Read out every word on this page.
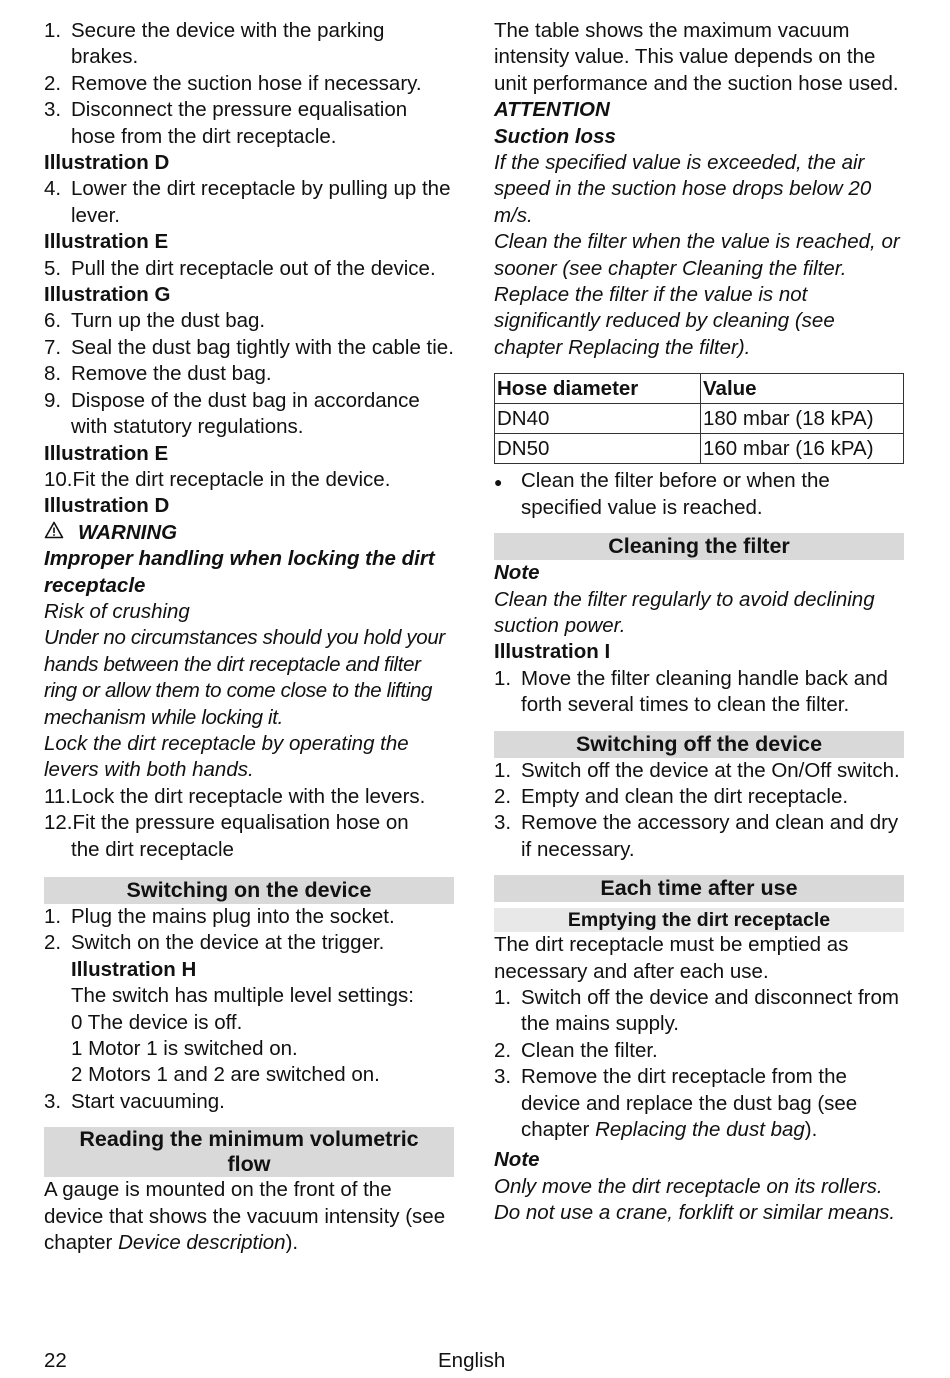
1. Secure the device with the parking brakes.
2. Remove the suction hose if necessary.
3. Disconnect the pressure equalisation hose from the dirt receptacle.

Illustration D

4. Lower the dirt receptacle by pulling up the lever.

Illustration E

5. Pull the dirt receptacle out of the device.

Illustration G

6. Turn up the dust bag.
7. Seal the dust bag tightly with the cable tie.
8. Remove the dust bag.
9. Dispose of the dust bag in accordance with statutory regulations.

Illustration E

10.Fit the dirt receptacle in the device.

Illustration D

WARNING

Improper handling when locking the dirt receptacle

Risk of crushing

Under no circumstances should you hold your hands between the dirt receptacle and filter ring or allow them to come close to the lifting mechanism while locking it.

Lock the dirt receptacle by operating the levers with both hands.

11.Lock the dirt receptacle with the levers.

12.Fit the pressure equalisation hose on

the dirt receptacle

Switching on the device
1. Plug the mains plug into the socket.
2. Switch on the device at the trigger.

Illustration H

The switch has multiple level settings:

0 The device is off.

1 Motor 1 is switched on.

2 Motors 1 and 2 are switched on.

3. Start vacuuming.
Reading the minimum volumetric flow

A gauge is mounted on the front of the device that shows the vacuum intensity (see chapter Device description).

The table shows the maximum vacuum intensity value. This value depends on the unit performance and the suction hose used.

ATTENTION

Suction loss

If the specified value is exceeded, the air speed in the suction hose drops below 20 m/s.

Clean the filter when the value is reached, or sooner (see chapter Cleaning the filter.

Replace the filter if the value is not significantly reduced by cleaning (see chapter Replacing the filter).

Hose diameter	Value
DN40	180 mbar (18 kPA)
DN50	160 mbar (16 kPA)
● Clean the filter before or when the specified value is reached.
Cleaning the filter

Note

Clean the filter regularly to avoid declining suction power.

Illustration I

1. Move the filter cleaning handle back and forth several times to clean the filter.
Switching off the device
1. Switch off the device at the On/Off switch.
2. Empty and clean the dirt receptacle.
3. Remove the accessory and clean and dry if necessary.
Each time after use
Emptying the dirt receptacle

The dirt receptacle must be emptied as necessary and after each use.

1. Switch off the device and disconnect from the mains supply.
2. Clean the filter.
3. Remove the dirt receptacle from the device and replace the dust bag (see chapter Replacing the dust bag).

Note

Only move the dirt receptacle on its rollers. Do not use a crane, forklift or similar means.

22	English
